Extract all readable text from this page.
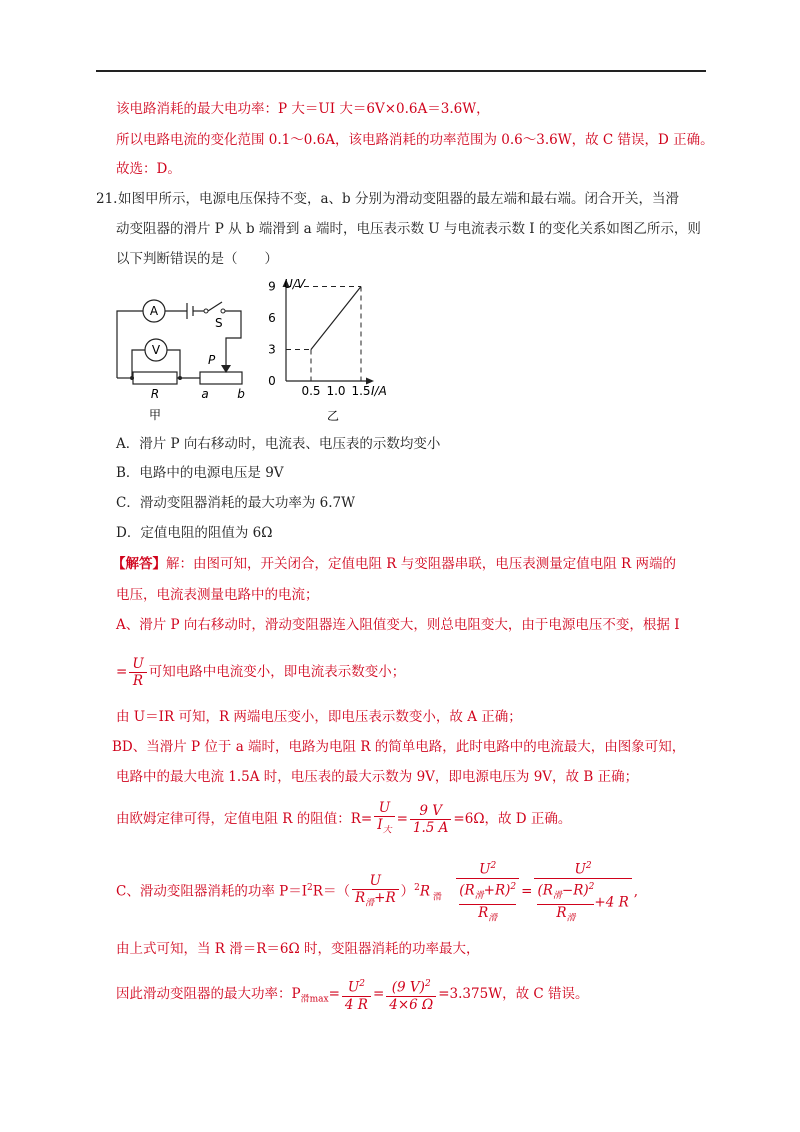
该电路消耗的最大电功率：P 大＝UI 大＝6V×0.6A＝3.6W，
所以电路电流的变化范围 0.1～0.6A，该电路消耗的功率范围为 0.6～3.6W，故 C 错误，D 正确。
故选：D。
21. 如图甲所示，电源电压保持不变，a、b 分别为滑动变阻器的最左端和最右端。闭合开关，当滑
动变阻器的滑片 P 从 b 端滑到 a 端时，电压表示数 U 与电流表示数 I 的变化关系如图乙所示，则
以下判断错误的是（　　）
A
V
S
R
P
a b
甲
U/V
I/A
0
0.5 1.0 1.5
3
6
9
乙
A．滑片 P 向右移动时，电流表、电压表的示数均变小
B．电路中的电源电压是 9V
C．滑动变阻器消耗的最大功率为 6.7W
D．定值电阻的阻值为 6Ω
【解答】解：由图可知，开关闭合，定值电阻 R 与变阻器串联，电压表测量定值电阻 R 两端的
电压，电流表测量电路中的电流；
A、滑片 P 向右移动时，滑动变阻器连入阻值变大，则总电阻变大，由于电源电压不变，根据 I
= $\frac{U}{R}$ 可知电路中电流变小，即电流表示数变小；
由 U＝IR 可知，R 两端电压变小，即电压表示数变小，故 A 正确；
BD、当滑片 P 位于 a 端时，电路为电阻 R 的简单电路，此时电路中的电流最大，由图象可知，
电路中的最大电流 1.5A 时，电压表的最大示数为 9V，即电源电压为 9V，故 B 正确；
由欧姆定律可得，定值电阻 R 的阻值：$R= \frac{U}{I_大} = \frac{9 V}{1.5 A} =6\Omega$，故 D 正确。
C、滑动变阻器消耗的功率 $P=I^2R=( \frac{U}{R_滑+R} )^2R$ $_滑$ $U^2$
$(R_滑+R)^2$
$R_滑 = U^2$
$(R_滑-R)^2$
$R_滑+4$ R ,
由上式可知，当 R 滑＝R＝6Ω 时，变阻器消耗的功率最大，
因此滑动变阻器的最大功率：$P_{滑max}= \frac{U^2}{4 R} = \frac{(9 V)^2}{4\times 6 \Omega} =3.375W$，故 C 错误。
